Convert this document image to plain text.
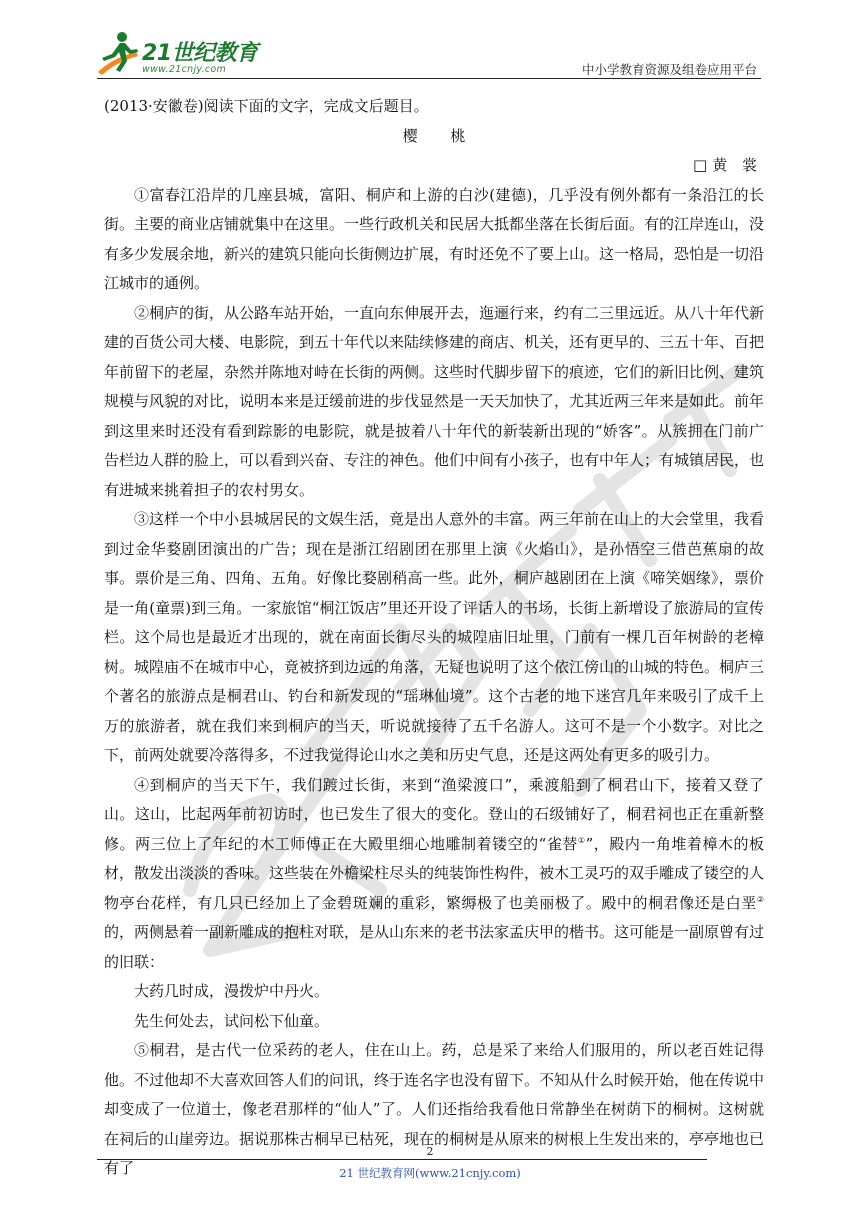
21世纪教育
www.21cnjy.com	中小学教育资源及组卷应用平台

(2013·安徽卷)阅读下面的文字，完成文后题目。

樱 桃

□黄 裳

①富春江沿岸的几座县城，富阳、桐庐和上游的白沙(建德)，几乎没有例外都有一条沿江的长街。主要的商业店铺就集中在这里。一些行政机关和民居大抵都坐落在长街后面。有的江岸连山，没有多少发展余地，新兴的建筑只能向长街侧边扩展，有时还免不了要上山。这一格局，恐怕是一切沿江城市的通例。

②桐庐的街，从公路车站开始，一直向东伸展开去，迤逦行来，约有二三里远近。从八十年代新建的百货公司大楼、电影院，到五十年代以来陆续修建的商店、机关，还有更早的、三五十年、百把年前留下的老屋，杂然并陈地对峙在长街的两侧。这些时代脚步留下的痕迹，它们的新旧比例、建筑规模与风貌的对比，说明本来是迂缓前进的步伐显然是一天天加快了，尤其近两三年来是如此。前年到这里来时还没有看到踪影的电影院，就是披着八十年代的新装新出现的“娇客”。从簇拥在门前广告栏边人群的脸上，可以看到兴奋、专注的神色。他们中间有小孩子，也有中年人；有城镇居民，也有进城来挑着担子的农村男女。

③这样一个中小县城居民的文娱生活，竟是出人意外的丰富。两三年前在山上的大会堂里，我看到过金华婺剧团演出的广告；现在是浙江绍剧团在那里上演《火焰山》，是孙悟空三借芭蕉扇的故事。票价是三角、四角、五角。好像比婺剧稍高一些。此外，桐庐越剧团在上演《啼笑姻缘》，票价是一角(童票)到三角。一家旅馆“桐江饭店”里还开设了评话人的书场，长街上新增设了旅游局的宣传栏。这个局也是最近才出现的，就在南面长街尽头的城隍庙旧址里，门前有一棵几百年树龄的老樟树。城隍庙不在城市中心，竟被挤到边远的角落，无疑也说明了这个依江傍山的山城的特色。桐庐三个著名的旅游点是桐君山、钓台和新发现的“瑶琳仙境”。这个古老的地下迷宫几年来吸引了成千上万的旅游者，就在我们来到桐庐的当天，听说就接待了五千名游人。这可不是一个小数字。对比之下，前两处就要冷落得多，不过我觉得论山水之美和历史气息，还是这两处有更多的吸引力。

④到桐庐的当天下午，我们踱过长街，来到“渔梁渡口”，乘渡船到了桐君山下，接着又登了山。这山，比起两年前初访时，也已发生了很大的变化。登山的石级铺好了，桐君祠也正在重新整修。两三位上了年纪的木工师傅正在大殿里细心地雕制着镂空的“雀替①”，殿内一角堆着樟木的板材，散发出淡淡的香味。这些装在外檐梁柱尽头的纯装饰性构件，被木工灵巧的双手雕成了镂空的人物亭台花样，有几只已经加上了金碧斑斓的重彩，繁缛极了也美丽极了。殿中的桐君像还是白垩②的，两侧悬着一副新雕成的抱柱对联，是从山东来的老书法家孟庆甲的楷书。这可能是一副原曾有过的旧联：

大药几时成，漫拨炉中丹火。

先生何处去，试问松下仙童。

⑤桐君，是古代一位采药的老人，住在山上。药，总是采了来给人们服用的，所以老百姓记得他。不过他却不大喜欢回答人们的问讯，终于连名字也没有留下。不知从什么时候开始，他在传说中却变成了一位道士，像老君那样的“仙人”了。人们还指给我看他日常静坐在树荫下的桐树。这树就在祠后的山崖旁边。据说那株古桐早已枯死，现在的桐树是从原来的树根上生发出来的，亭亭地也已有了

2
21 世纪教育网(www.21cnjy.com)
